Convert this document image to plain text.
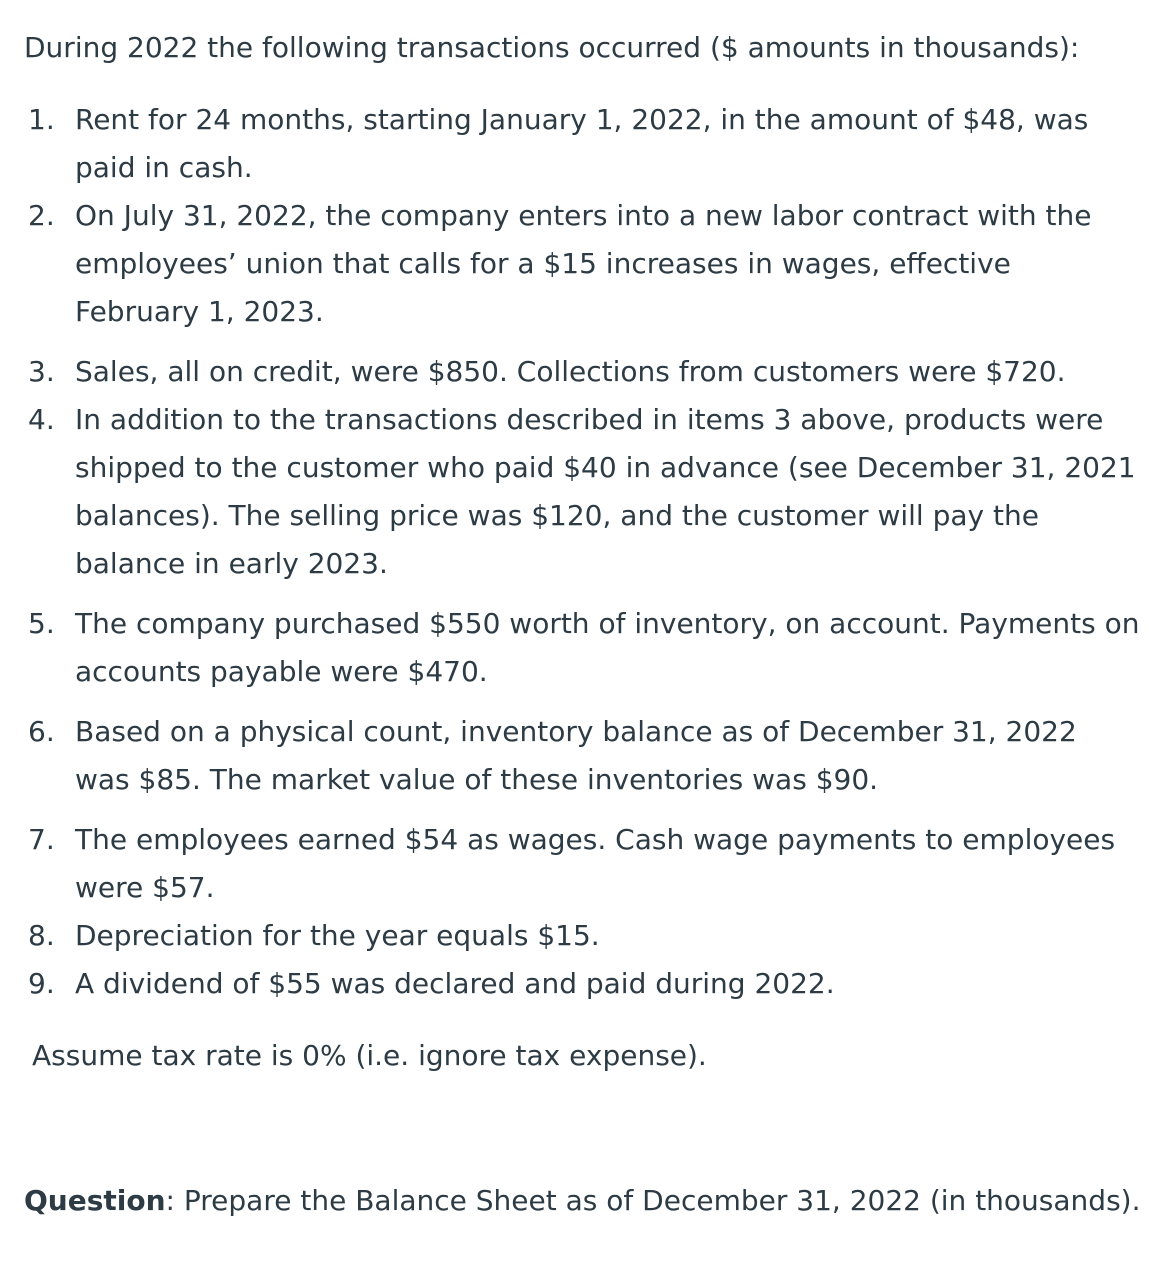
During 2022 the following transactions occurred ($ amounts in thousands):

1. Rent for 24 months, starting January 1, 2022, in the amount of $48, was paid in cash.
2. On July 31, 2022, the company enters into a new labor contract with the employees’ union that calls for a $15 increases in wages, effective February 1, 2023.
3. Sales, all on credit, were $850. Collections from customers were $720.
4. In addition to the transactions described in items 3 above, products were shipped to the customer who paid $40 in advance (see December 31, 2021 balances). The selling price was $120, and the customer will pay the balance in early 2023.
5. The company purchased $550 worth of inventory, on account. Payments on accounts payable were $470.
6. Based on a physical count, inventory balance as of December 31, 2022 was $85. The market value of these inventories was $90.
7. The employees earned $54 as wages. Cash wage payments to employees were $57.
8. Depreciation for the year equals $15.
9. A dividend of $55 was declared and paid during 2022.

Assume tax rate is 0% (i.e. ignore tax expense).

Question: Prepare the Balance Sheet as of December 31, 2022 (in thousands).
